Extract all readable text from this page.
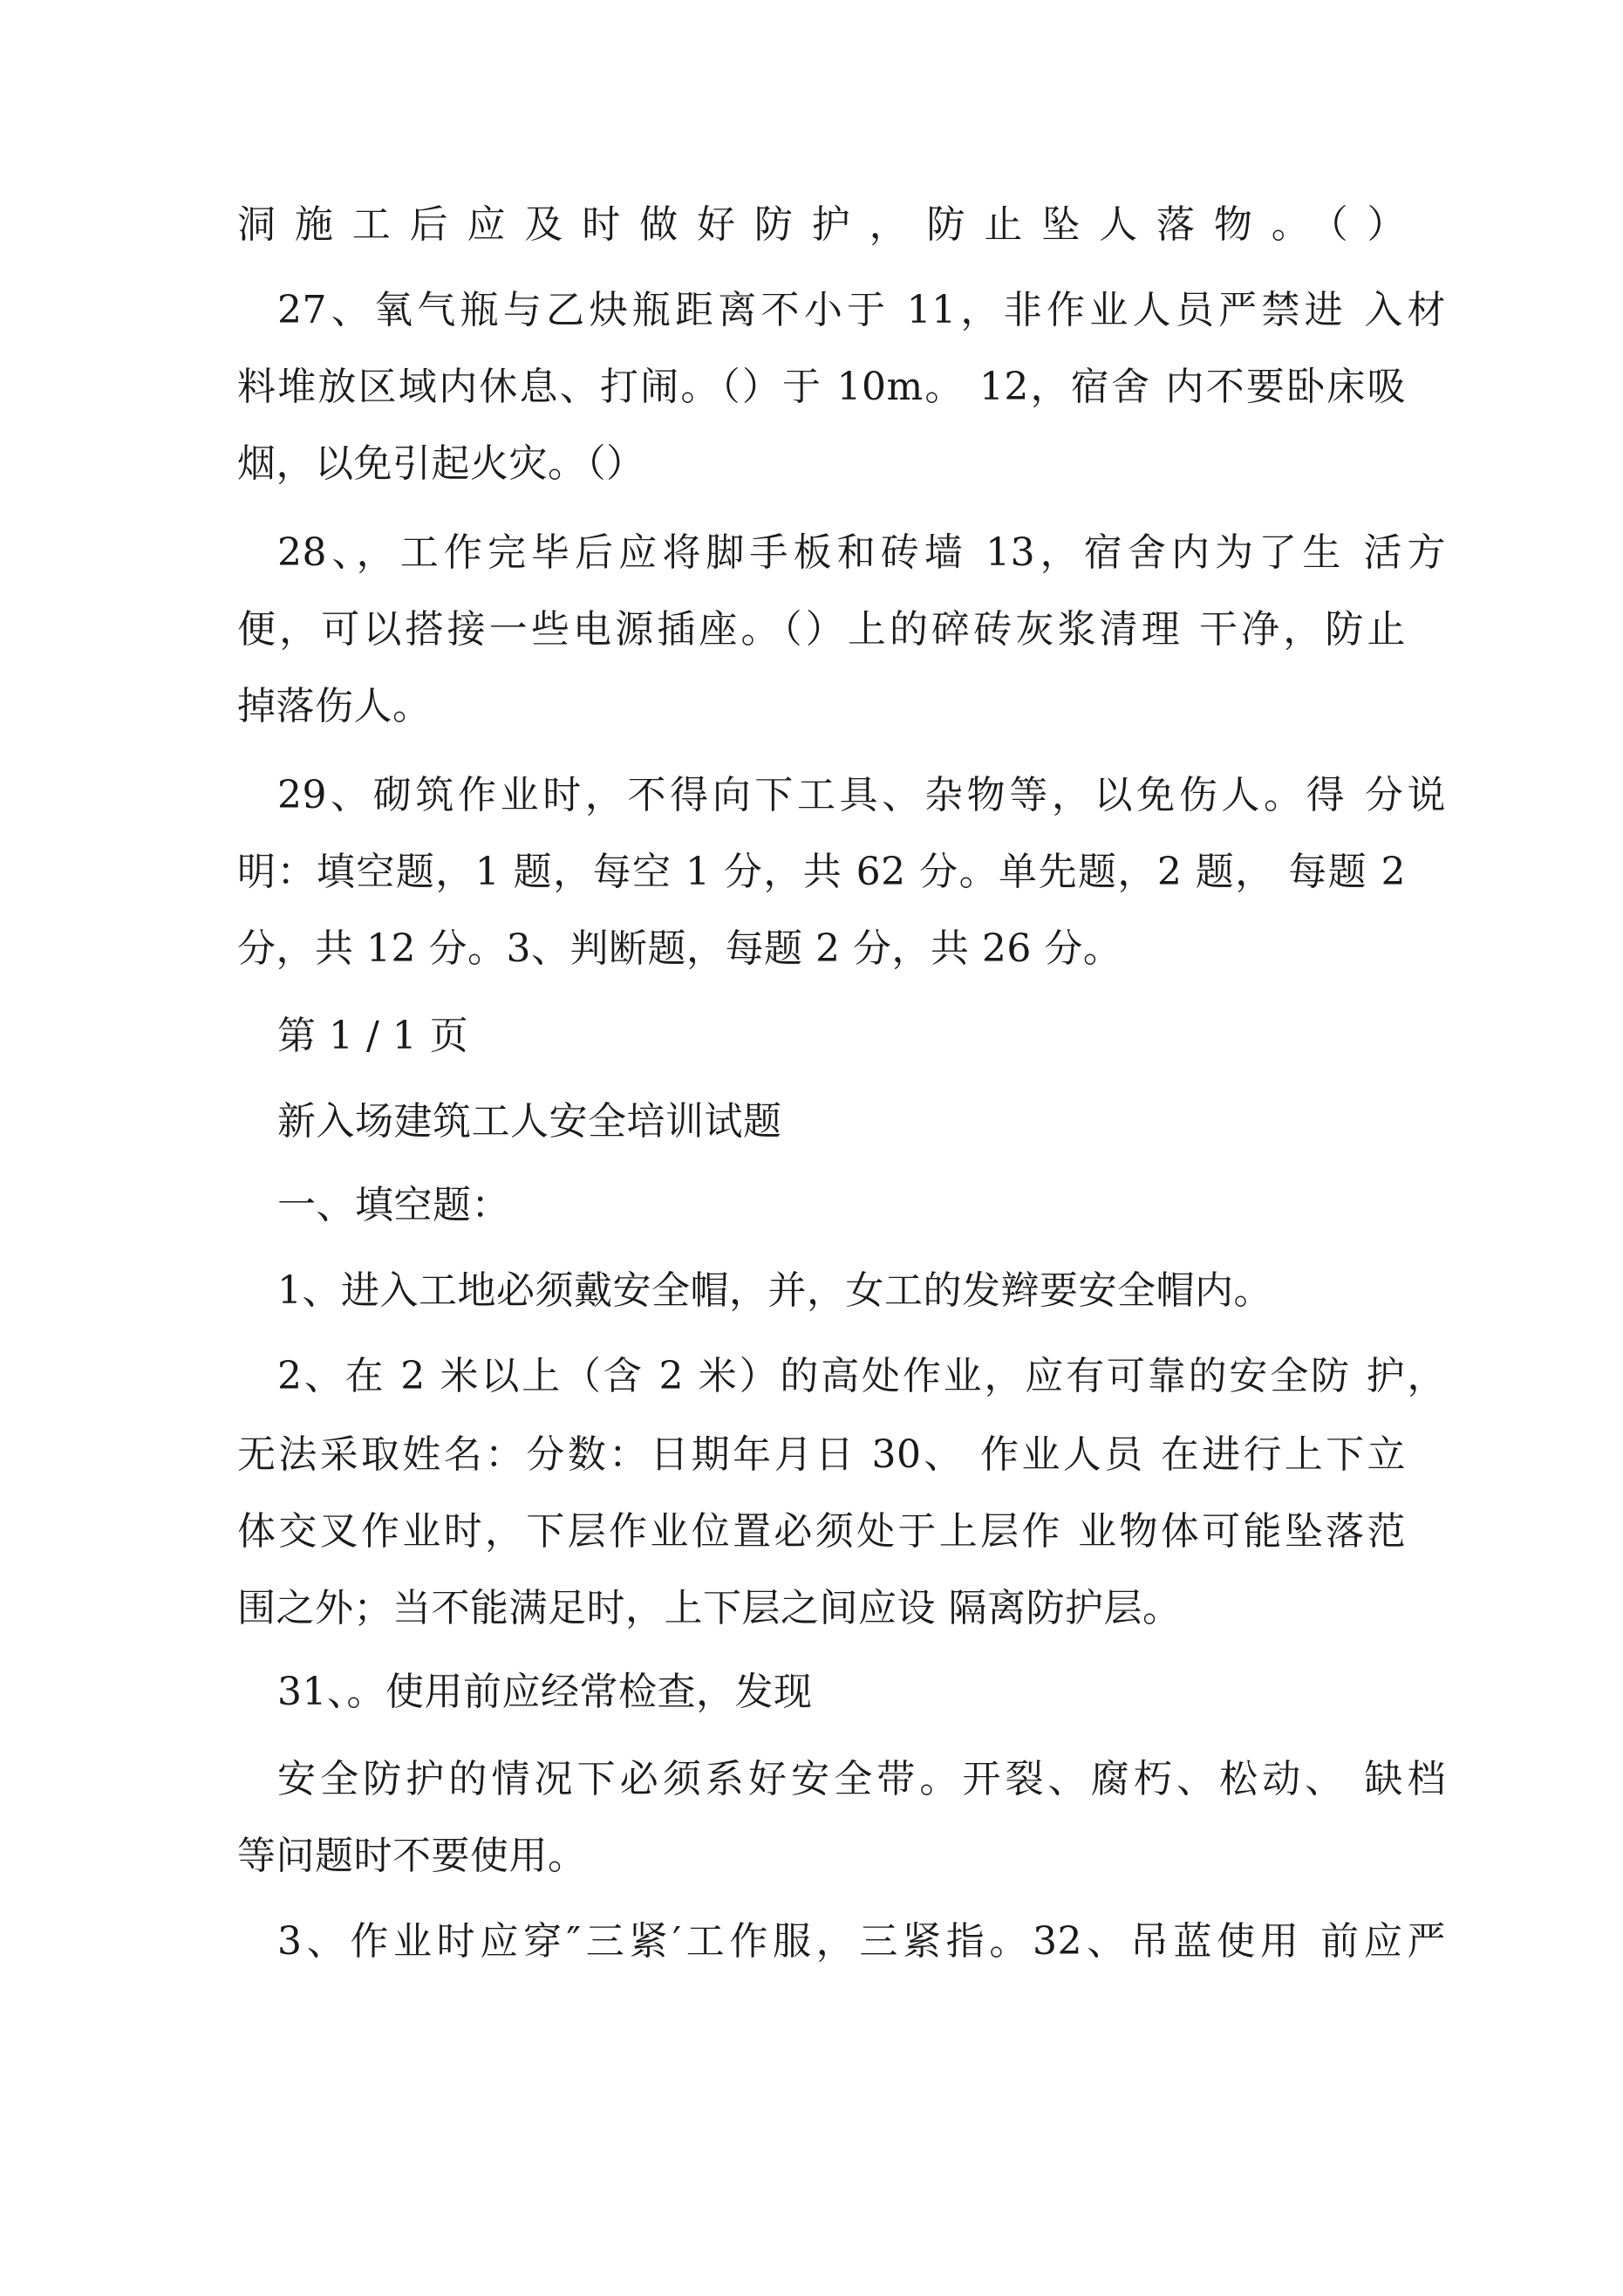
洞施工后应及时做好防护，防止坠人落物。（）
27、氧气瓶与乙炔瓶距离不小于 11，非作业人员严禁进 入材
料堆放区域内休息、打闹。（）于 10m。 12，宿舍 内不要卧床吸
烟，以免引起火灾。（）
28、，工作完毕后应将脚手板和砖墙 13，宿舍内为了生 活方
便，可以搭接一些电源插座。（）上的碎砖灰浆清理 干净，防止
掉落伤人。
29、砌筑作业时，不得向下工具、杂物等，以免伤人。得 分说
明：填空题，1 题，每空 1 分，共 62 分。单先题，2 题， 每题 2
分，共 12 分。3、判断题，每题 2 分，共 26 分。
第 1 / 1 页
新入场建筑工人安全培训试题
一、填空题：
1、进入工地必须戴安全帽，并，女工的发辫要安全帽内。
2、在 2 米以上（含 2 米）的高处作业，应有可靠的安全防 护，
无法采取姓名：分数：日期年月日 30、 作业人员 在进行上下立
体交叉作业时，下层作业位置必须处于上层作 业物体可能坠落范
围之外；当不能满足时，上下层之间应设 隔离防护层。
31、。使用前应经常检查，发现
安全防护的情况下必须系好安全带。开裂、腐朽、松动、 缺档
等问题时不要使用。
3、作业时应穿″三紧′工作服，三紧指。32、吊蓝使用 前应严
